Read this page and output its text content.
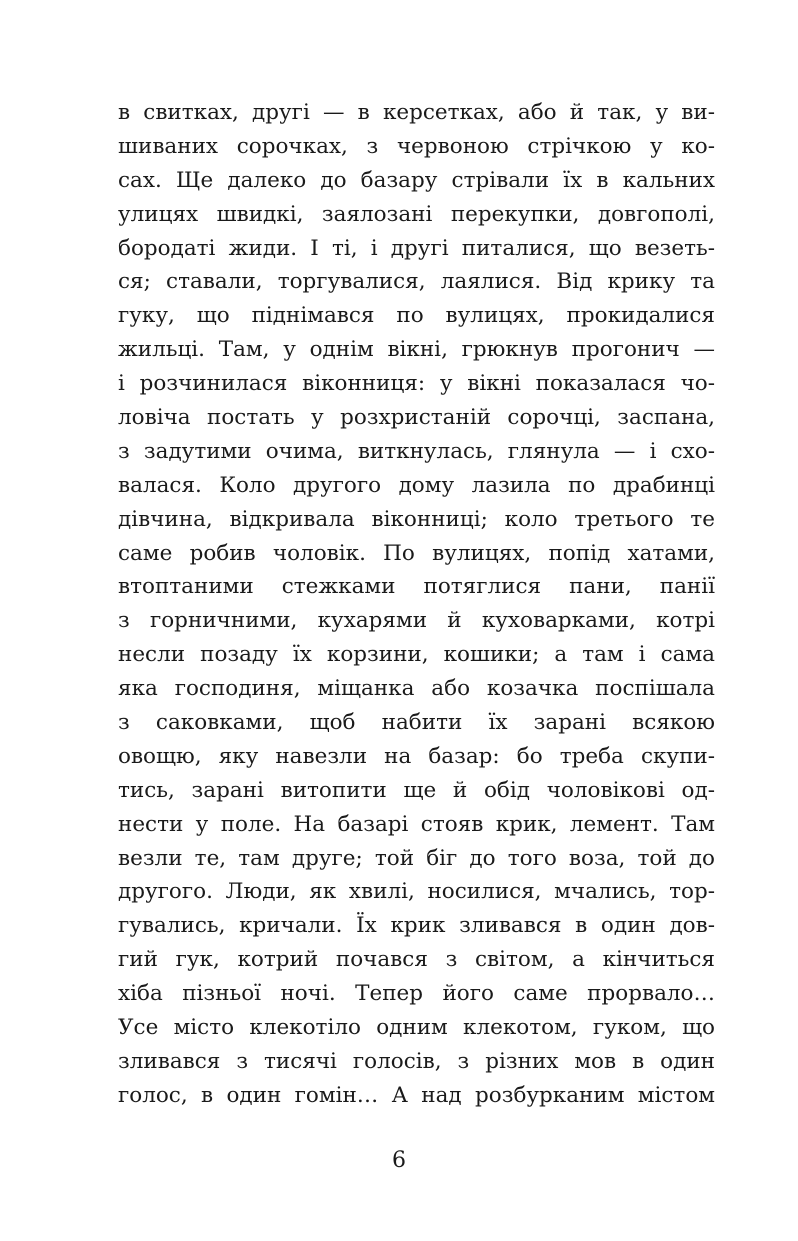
в свитках, другі — в керсетках, або й так, у ви-
шиваних сорочках, з червоною стрічкою у ко-
сах. Ще далеко до базару стрівали їх в кальних
улицях швидкі, заялозані перекупки, довгополі,
бородаті жиди. І ті, і другі питалися, що везеть-
ся; ставали, торгувалися, лаялися. Від крику та
гуку, що піднімався по вулицях, прокидалися
жильці. Там, у однім вікні, грюкнув прогонич —
і розчинилася віконниця: у вікні показалася чо-
ловіча постать у розхристаній сорочці, заспана,
з задутими очима, виткнулась, глянула — і схо-
валася. Коло другого дому лазила по драбинці
дівчина, відкривала віконниці; коло третього те
саме робив чоловік. По вулицях, попід хатами,
втоптаними стежками потяглися пани, панії
з горничними, кухарями й куховарками, котрі
несли позаду їх корзини, кошики; а там і сама
яка господиня, міщанка або козачка поспішала
з саковками, щоб набити їх зарані всякою
овощю, яку навезли на базар: бо треба скупи-
тись, зарані витопити ще й обід чоловікові од-
нести у поле. На базарі стояв крик, лемент. Там
везли те, там друге; той біг до того воза, той до
другого. Люди, як хвилі, носилися, мчались, тор-
гувались, кричали. Їх крик зливався в один дов-
гий гук, котрий почався з світом, а кінчиться
хіба пізньої ночі. Тепер його саме прорвало…
Усе місто клекотіло одним клекотом, гуком, що
зливався з тисячі голосів, з різних мов в один
голос, в один гомін… А над розбурканим містом
6
